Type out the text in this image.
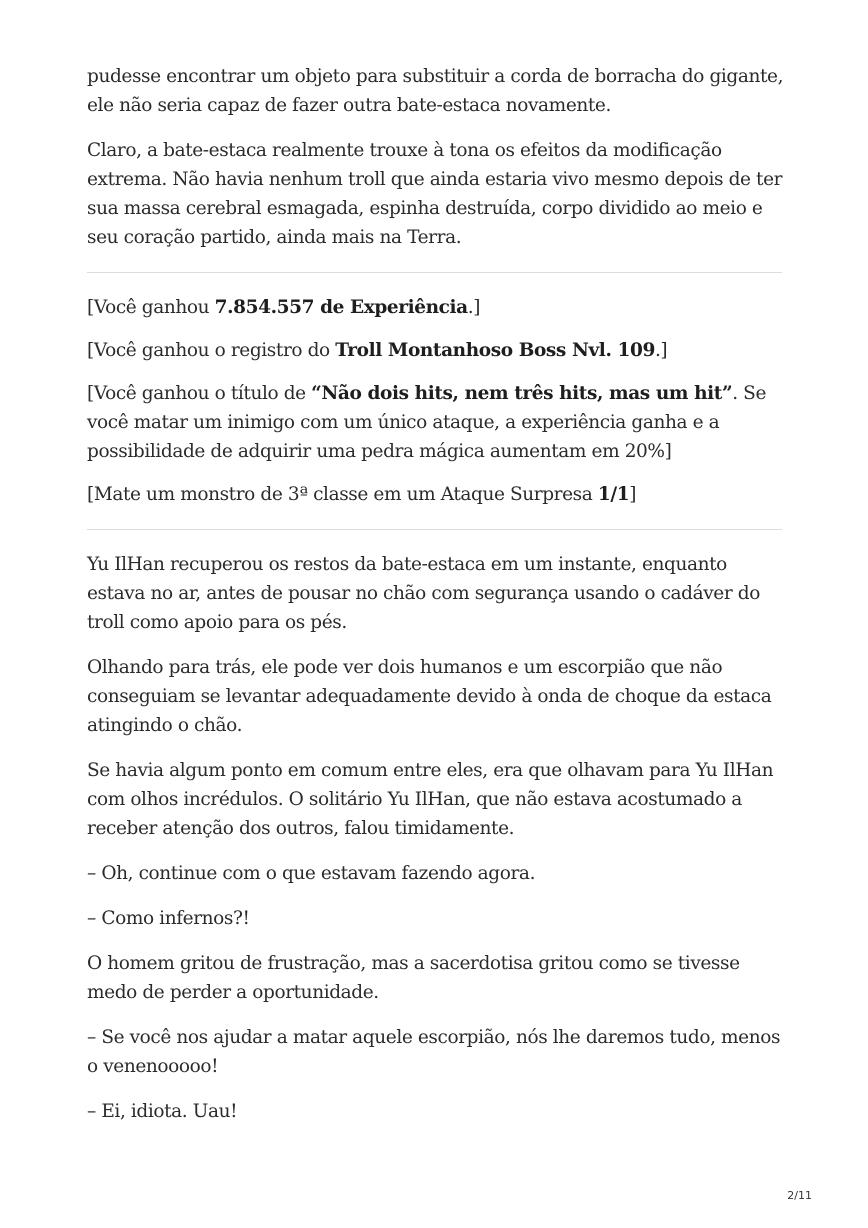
pudesse encontrar um objeto para substituir a corda de borracha do gigante, ele não seria capaz de fazer outra bate-estaca novamente.

Claro, a bate-estaca realmente trouxe à tona os efeitos da modificação extrema. Não havia nenhum troll que ainda estaria vivo mesmo depois de ter sua massa cerebral esmagada, espinha destruída, corpo dividido ao meio e seu coração partido, ainda mais na Terra.

[Você ganhou 7.854.557 de Experiência.]

[Você ganhou o registro do Troll Montanhoso Boss Nvl. 109.]

[Você ganhou o título de “Não dois hits, nem três hits, mas um hit”. Se você matar um inimigo com um único ataque, a experiência ganha e a possibilidade de adquirir uma pedra mágica aumentam em 20%]

[Mate um monstro de 3ª classe em um Ataque Surpresa 1/1]

Yu IlHan recuperou os restos da bate-estaca em um instante, enquanto estava no ar, antes de pousar no chão com segurança usando o cadáver do troll como apoio para os pés.

Olhando para trás, ele pode ver dois humanos e um escorpião que não conseguiam se levantar adequadamente devido à onda de choque da estaca atingindo o chão.

Se havia algum ponto em comum entre eles, era que olhavam para Yu IlHan com olhos incrédulos. O solitário Yu IlHan, que não estava acostumado a receber atenção dos outros, falou timidamente.

– Oh, continue com o que estavam fazendo agora.

– Como infernos?!

O homem gritou de frustração, mas a sacerdotisa gritou como se tivesse medo de perder a oportunidade.

– Se você nos ajudar a matar aquele escorpião, nós lhe daremos tudo, menos o venenooooo!

– Ei, idiota. Uau!

2/11
